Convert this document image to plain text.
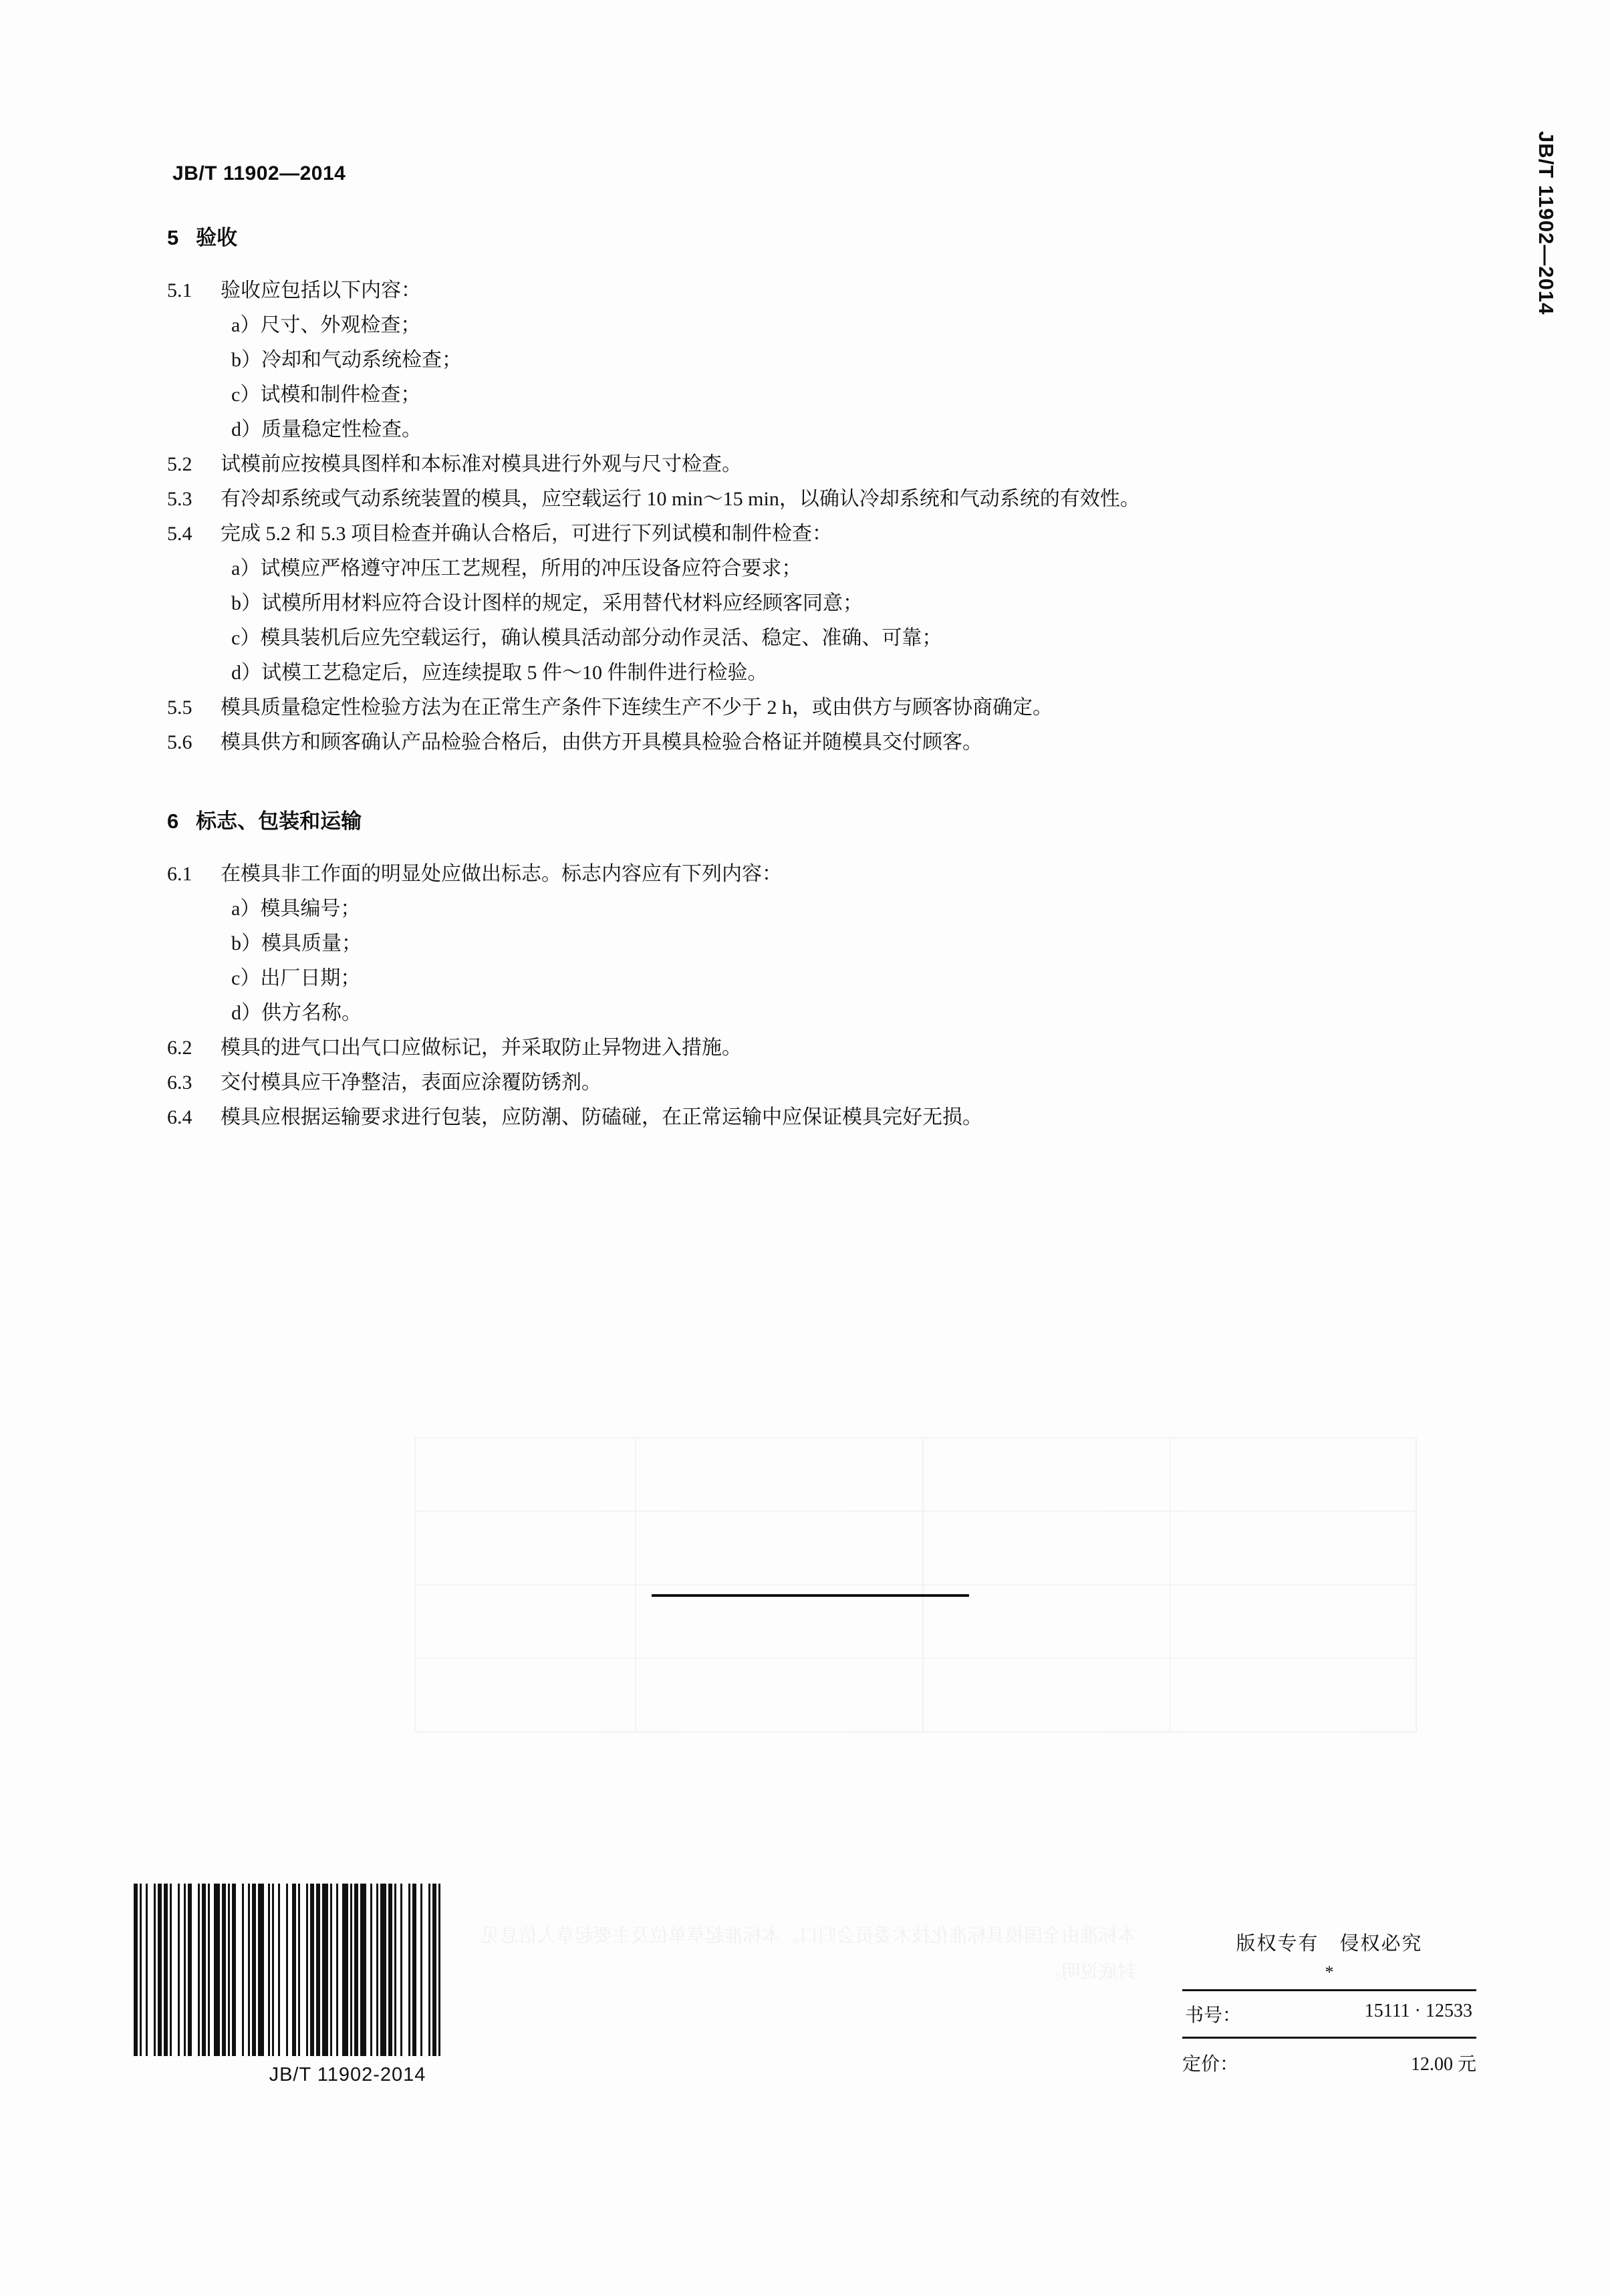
本标准由全国模具标准化技术委员会归口。本标准起草单位及主要起草人信息见封底说明。
JB/T 11902—2014	JB/T 11902—2014
5 验收
5.1	验收应包括以下内容：
a）尺寸、外观检查；
b）冷却和气动系统检查；
c）试模和制件检查；
d）质量稳定性检查。
5.2	试模前应按模具图样和本标准对模具进行外观与尺寸检查。
5.3	有冷却系统或气动系统装置的模具，应空载运行 10 min～15 min，以确认冷却系统和气动系统的有效性。
5.4	完成 5.2 和 5.3 项目检查并确认合格后，可进行下列试模和制件检查：
a）试模应严格遵守冲压工艺规程，所用的冲压设备应符合要求；
b）试模所用材料应符合设计图样的规定，采用替代材料应经顾客同意；
c）模具装机后应先空载运行，确认模具活动部分动作灵活、稳定、准确、可靠；
d）试模工艺稳定后，应连续提取 5 件～10 件制件进行检验。
5.5	模具质量稳定性检验方法为在正常生产条件下连续生产不少于 2 h，或由供方与顾客协商确定。
5.6	模具供方和顾客确认产品检验合格后，由供方开具模具检验合格证并随模具交付顾客。
6 标志、包装和运输
6.1	在模具非工作面的明显处应做出标志。标志内容应有下列内容：
a）模具编号；
b）模具质量；
c）出厂日期；
d）供方名称。
6.2	模具的进气口出气口应做标记，并采取防止异物进入措施。
6.3	交付模具应干净整洁，表面应涂覆防锈剂。
6.4	模具应根据运输要求进行包装，应防潮、防磕碰，在正常运输中应保证模具完好无损。
JB/T 11902-2014
版权专有　侵权必究
*
书号：	15111 · 12533
定价：	12.00 元
